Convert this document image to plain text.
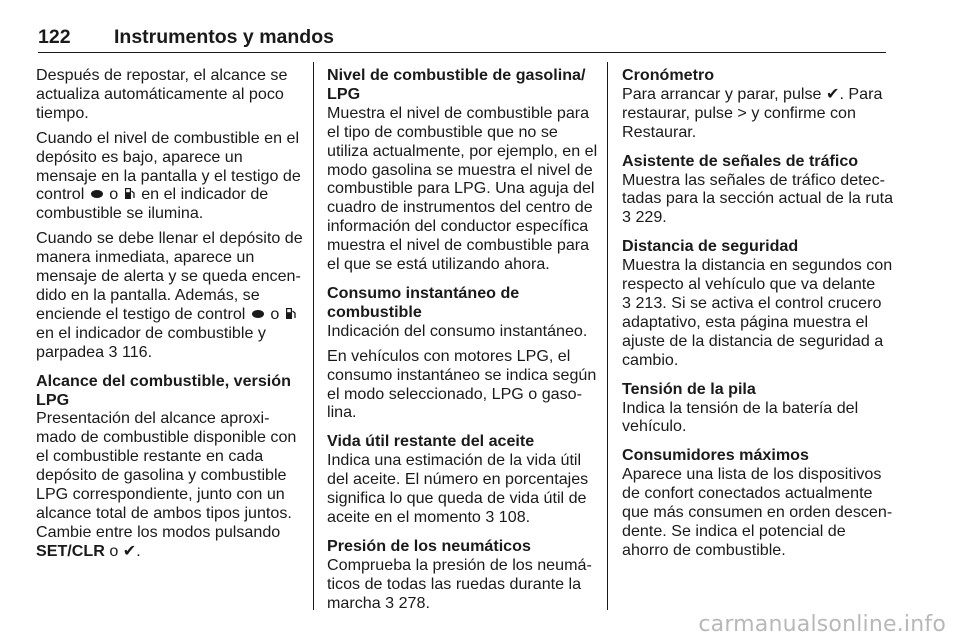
122 Instrumentos y mandos
Después de repostar, el alcance se
actualiza automáticamente al poco
tiempo.
Cuando el nivel de combustible en el
depósito es bajo, aparece un
mensaje en la pantalla y el testigo de
control o en el indicador de
combustible se ilumina.
Cuando se debe llenar el depósito de
manera inmediata, aparece un
mensaje de alerta y se queda encen-
dido en la pantalla. Además, se
enciende el testigo de control o
en el indicador de combustible y
parpadea 3 116.
Alcance del combustible, versión
LPG
Presentación del alcance aproxi-
mado de combustible disponible con
el combustible restante en cada
depósito de gasolina y combustible
LPG correspondiente, junto con un
alcance total de ambos tipos juntos.
Cambie entre los modos pulsando
SET/CLR o ✔.
Nivel de combustible de gasolina/
LPG
Muestra el nivel de combustible para
el tipo de combustible que no se
utiliza actualmente, por ejemplo, en el
modo gasolina se muestra el nivel de
combustible para LPG. Una aguja del
cuadro de instrumentos del centro de
información del conductor específica
muestra el nivel de combustible para
el que se está utilizando ahora.
Consumo instantáneo de
combustible
Indicación del consumo instantáneo.
En vehículos con motores LPG, el
consumo instantáneo se indica según
el modo seleccionado, LPG o gaso-
lina.
Vida útil restante del aceite
Indica una estimación de la vida útil
del aceite. El número en porcentajes
significa lo que queda de vida útil de
aceite en el momento 3 108.
Presión de los neumáticos
Comprueba la presión de los neumá-
ticos de todas las ruedas durante la
marcha 3 278.
Cronómetro
Para arrancar y parar, pulse ✔. Para
restaurar, pulse > y confirme con
Restaurar.
Asistente de señales de tráfico
Muestra las señales de tráfico detec-
tadas para la sección actual de la ruta
3 229.
Distancia de seguridad
Muestra la distancia en segundos con
respecto al vehículo que va delante
3 213. Si se activa el control crucero
adaptativo, esta página muestra el
ajuste de la distancia de seguridad a
cambio.
Tensión de la pila
Indica la tensión de la batería del
vehículo.
Consumidores máximos
Aparece una lista de los dispositivos
de confort conectados actualmente
que más consumen en orden descen-
dente. Se indica el potencial de
ahorro de combustible.
carmanualsonline.info
